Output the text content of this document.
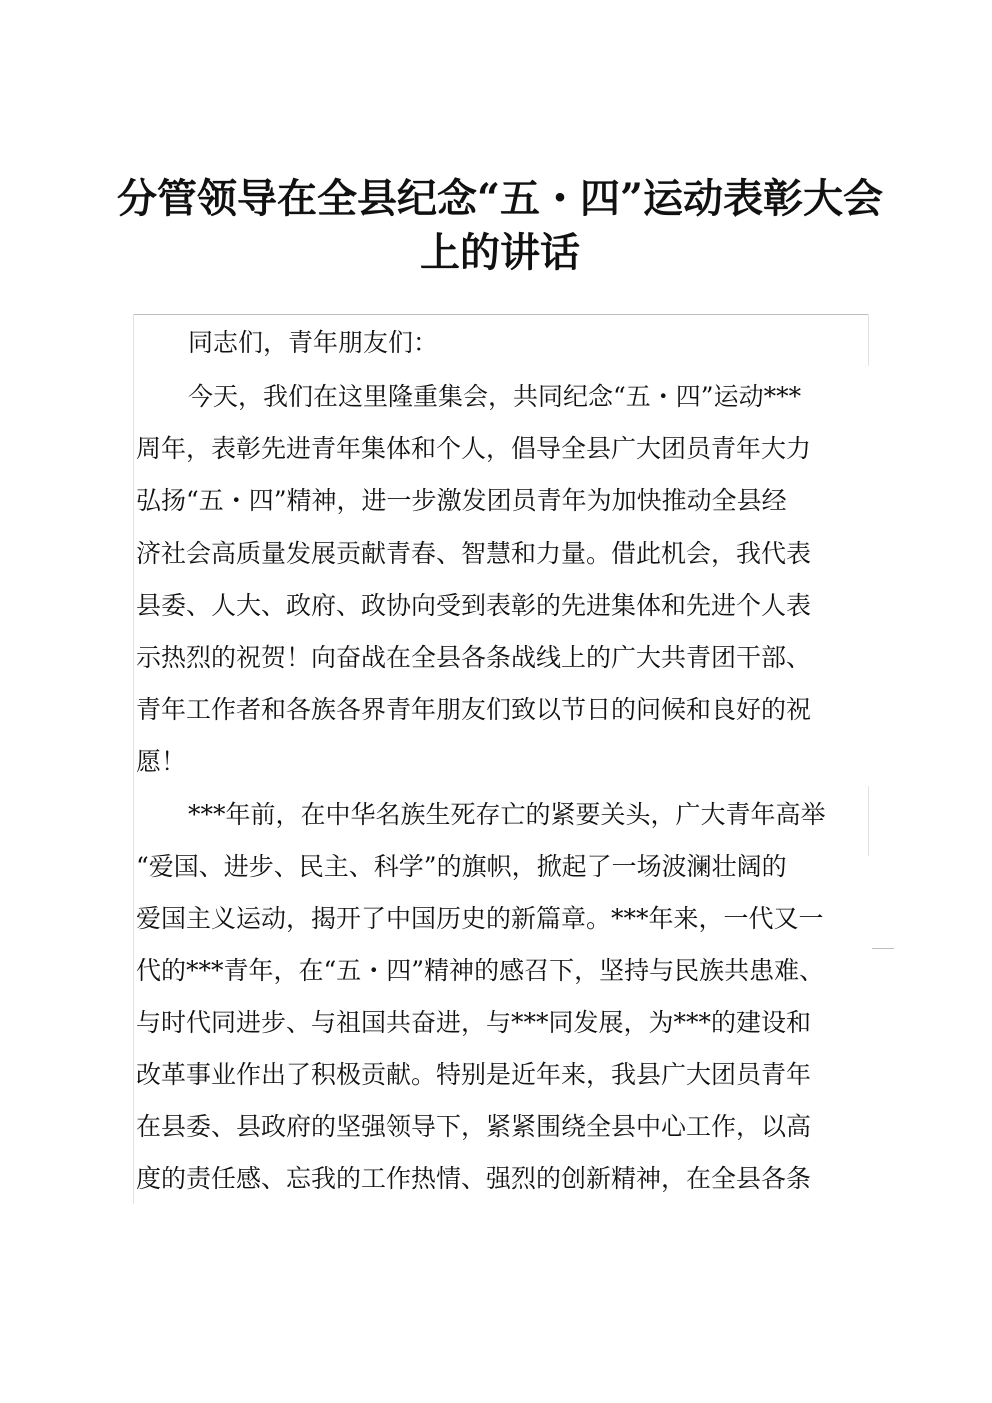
分管领导在全县纪念“五・四”运动表彰大会
上的讲话
同志们，青年朋友们：
今天，我们在这里隆重集会，共同纪念“五・四”运动***
周年，表彰先进青年集体和个人，倡导全县广大团员青年大力
弘扬“五・四”精神，进一步激发团员青年为加快推动全县经
济社会高质量发展贡献青春、智慧和力量。借此机会，我代表
县委、人大、政府、政协向受到表彰的先进集体和先进个人表
示热烈的祝贺！向奋战在全县各条战线上的广大共青团干部、
青年工作者和各族各界青年朋友们致以节日的问候和良好的祝
愿！
***年前，在中华名族生死存亡的紧要关头，广大青年高举
“爱国、进步、民主、科学”的旗帜，掀起了一场波澜壮阔的
爱国主义运动，揭开了中国历史的新篇章。***年来，一代又一
代的***青年，在“五・四”精神的感召下，坚持与民族共患难、
与时代同进步、与祖国共奋进，与***同发展，为***的建设和
改革事业作出了积极贡献。特别是近年来，我县广大团员青年
在县委、县政府的坚强领导下，紧紧围绕全县中心工作，以高
度的责任感、忘我的工作热情、强烈的创新精神，在全县各条
